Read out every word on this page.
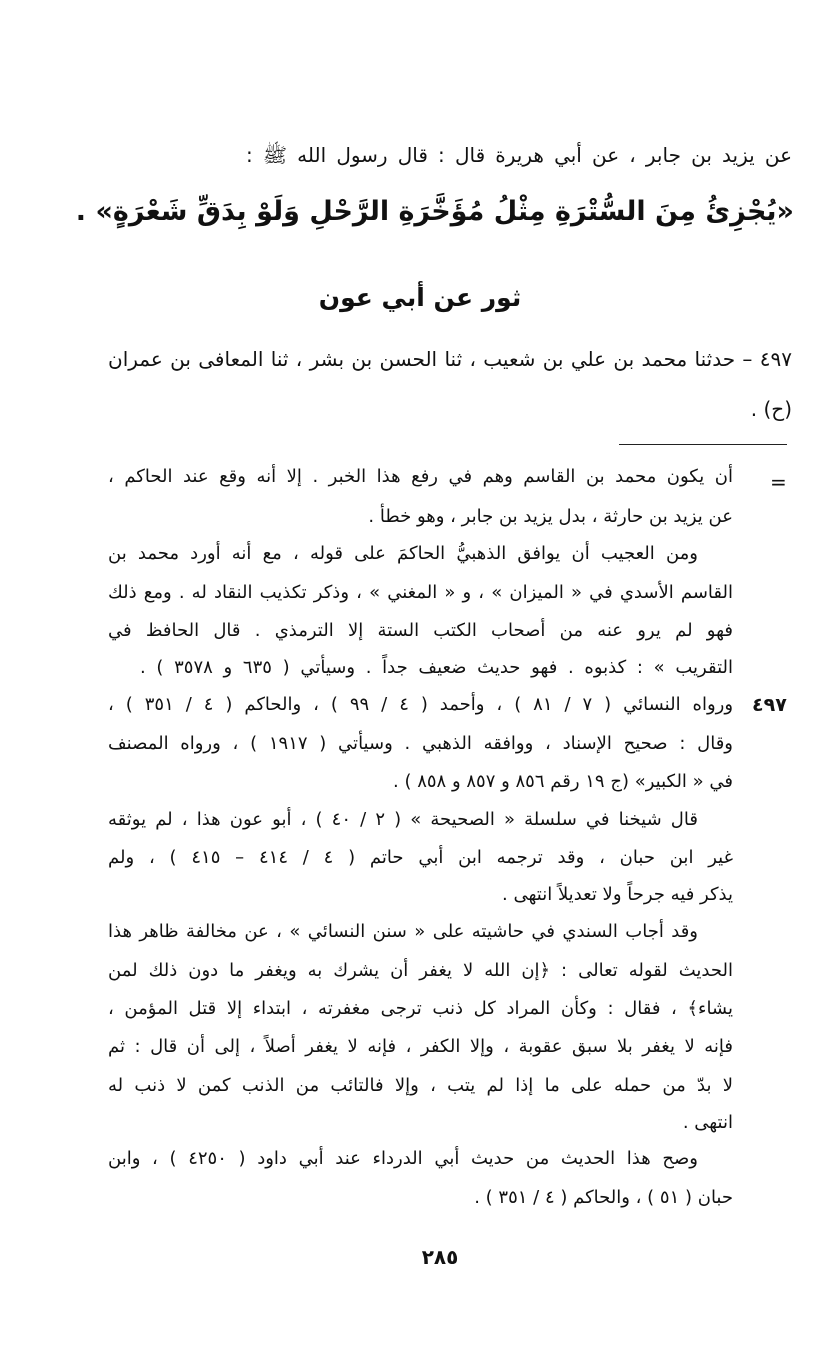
عن يزيد بن جابر ، عن أبي هريرة قال : قال رسول الله ﷺ :
«يُجْزِئُ مِنَ السُّتْرَةِ مِثْلُ مُؤَخَّرَةِ الرَّحْلِ وَلَوْ بِدَقِّ شَعْرَةٍ» .
ثور عن أبي عون
٤٩٧ – حدثنا محمد بن علي بن شعيب ، ثنا الحسن بن بشر ، ثنا المعافى بن عمران
(ح) .
=
أن يكون محمد بن القاسم وهم في رفع هذا الخبر . إلا أنه وقع عند الحاكم ،
عن يزيد بن حارثة ، بدل يزيد بن جابر ، وهو خطأ .
ومن العجيب أن يوافق الذهبيُّ الحاكمَ على قوله ، مع أنه أورد محمد بن
القاسم الأسدي في « الميزان » ، و « المغني » ، وذكر تكذيب النقاد له . ومع ذلك
فهو لم يرو عنه من أصحاب الكتب الستة إلا الترمذي . قال الحافظ في
التقريب » : كذبوه . فهو حديث ضعيف جداً . وسيأتي ( ٦٣٥ و ٣٥٧٨ ) .
٤٩٧
ورواه النسائي ( ٧ / ٨١ ) ، وأحمد ( ٤ / ٩٩ ) ، والحاكم ( ٤ / ٣٥١ ) ،
وقال : صحيح الإسناد ، ووافقه الذهبي . وسيأتي ( ١٩١٧ ) ، ورواه المصنف
في « الكبير» (ج ١٩ رقم ٨٥٦ و ٨٥٧ و ٨٥٨ ) .
قال شيخنا في سلسلة « الصحيحة » ( ٢ / ٤٠ ) ، أبو عون هذا ، لم يوثقه
غير ابن حبان ، وقد ترجمه ابن أبي حاتم ( ٤ / ٤١٤ – ٤١٥ ) ، ولم
يذكر فيه جرحاً ولا تعديلاً انتهى .
وقد أجاب السندي في حاشيته على « سنن النسائي » ، عن مخالفة ظاهر هذا
الحديث لقوله تعالى : ﴿إن الله لا يغفر أن يشرك به ويغفر ما دون ذلك لمن
يشاء﴾ ، فقال : وكأن المراد كل ذنب ترجى مغفرته ، ابتداء إلا قتل المؤمن ،
فإنه لا يغفر بلا سبق عقوبة ، وإلا الكفر ، فإنه لا يغفر أصلاً ، إلى أن قال : ثم
لا بدّ من حمله على ما إذا لم يتب ، وإلا فالتائب من الذنب كمن لا ذنب له
انتهى .
وصح هذا الحديث من حديث أبي الدرداء عند أبي داود ( ٤٢٥٠ ) ، وابن
حبان ( ٥١ ) ، والحاكم ( ٤ / ٣٥١ ) .
٢٨٥
